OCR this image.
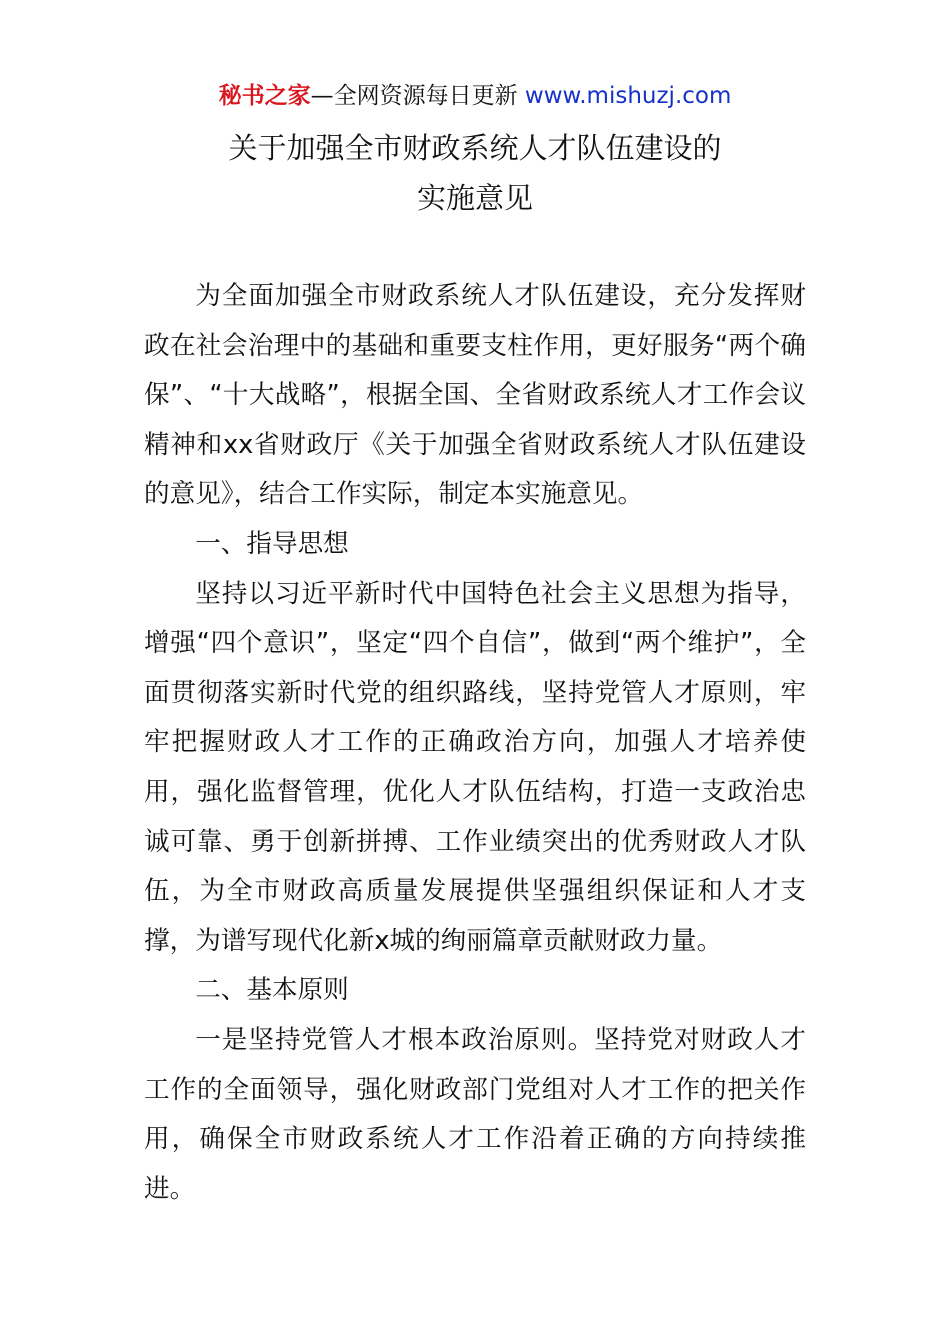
秘书之家—全网资源每日更新 www.mishuzj.com
关于加强全市财政系统人才队伍建设的
实施意见

为全面加强全市财政系统人才队伍建设，充分发挥财政在社会治理中的基础和重要支柱作用，更好服务“两个确保”、“十大战略”，根据全国、全省财政系统人才工作会议精神和xx省财政厅《关于加强全省财政系统人才队伍建设的意见》，结合工作实际，制定本实施意见。

一、指导思想

坚持以习近平新时代中国特色社会主义思想为指导，增强“四个意识”，坚定“四个自信”，做到“两个维护”，全面贯彻落实新时代党的组织路线，坚持党管人才原则，牢牢把握财政人才工作的正确政治方向，加强人才培养使用，强化监督管理，优化人才队伍结构，打造一支政治忠诚可靠、勇于创新拼搏、工作业绩突出的优秀财政人才队伍，为全市财政高质量发展提供坚强组织保证和人才支撑，为谱写现代化新x城的绚丽篇章贡献财政力量。

二、基本原则

一是坚持党管人才根本政治原则。坚持党对财政人才工作的全面领导，强化财政部门党组对人才工作的把关作用，确保全市财政系统人才工作沿着正确的方向持续推进。
